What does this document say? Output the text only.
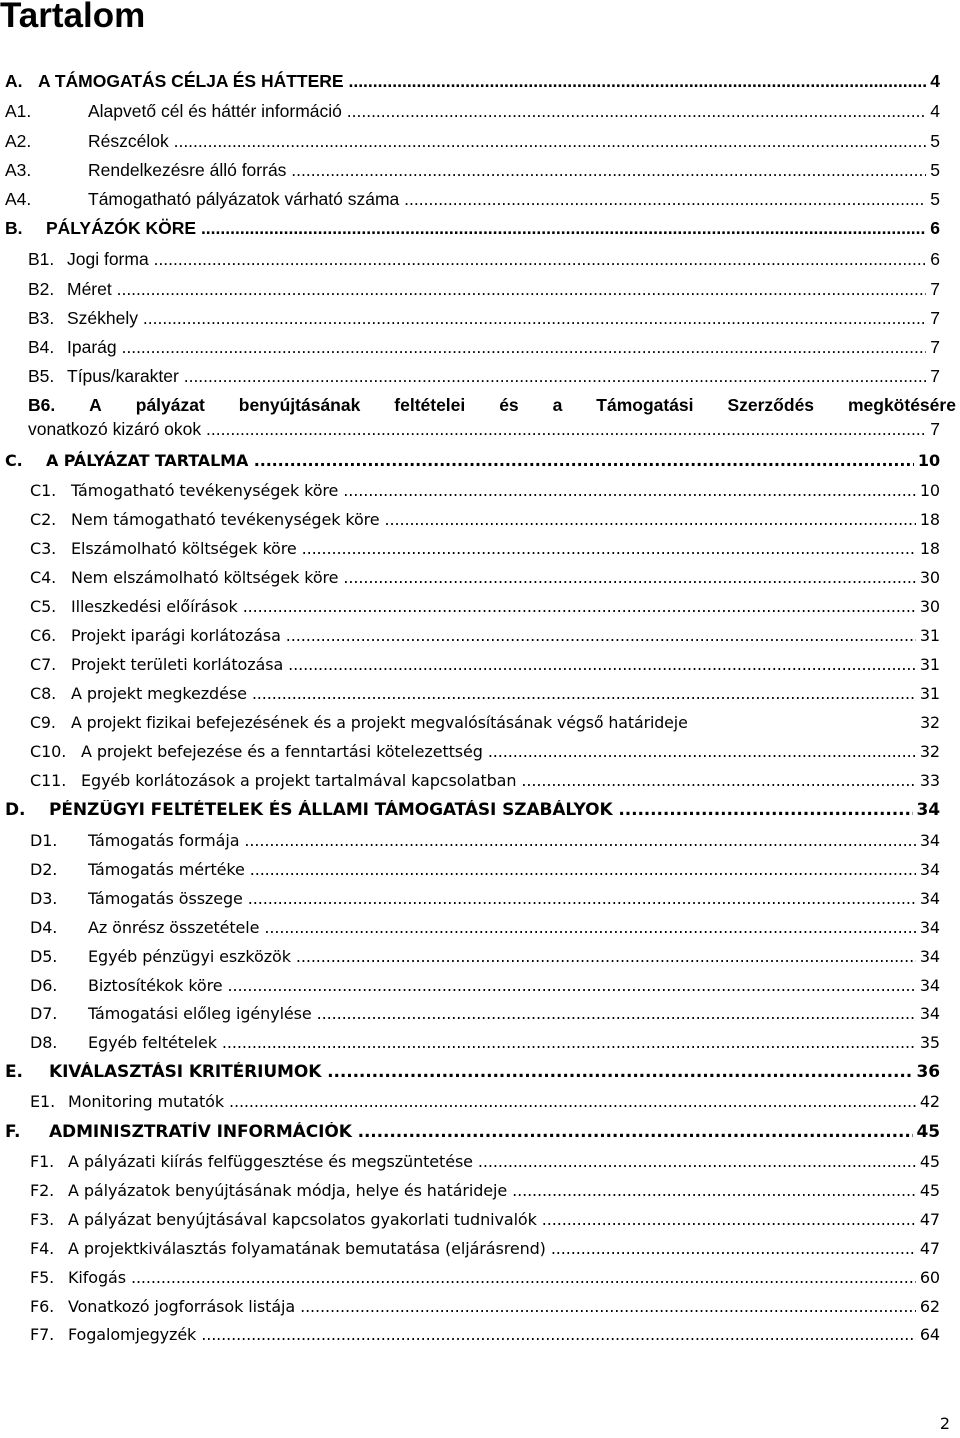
Tartalom
A. A TÁMOGATÁS CÉLJA ÉS HÁTTERE .....	4
A1.	Alapvető cél és háttér információ .....	4
A2.	Részcélok .....	5
A3.	Rendelkezésre álló forrás .....	5
A4.	Támogatható pályázatok várható száma .....	5
B. PÁLYÁZÓK KÖRE .....	6
B1. Jogi forma .....	6
B2. Méret .....	7
B3. Székhely .....	7
B4. Iparág .....	7
B5. Típus/karakter .....	7
B6. A pályázat benyújtásának feltételei és a Támogatási Szerződés megkötésére
vonatkozó kizáró okok .....	7
C. A PÁLYÁZAT TARTALMA .....	10
C1. Támogatható tevékenységek köre .....	10
C2. Nem támogatható tevékenységek köre .....	18
C3. Elszámolható költségek köre .....	18
C4. Nem elszámolható költségek köre .....	30
C5. Illeszkedési előírások .....	30
C6. Projekt iparági korlátozása .....	31
C7. Projekt területi korlátozása .....	31
C8. A projekt megkezdése .....	31
C9. A projekt fizikai befejezésének és a projekt megvalósításának végső határideje	32
C10. A projekt befejezése és a fenntartási kötelezettség .....	32
C11. Egyéb korlátozások a projekt tartalmával kapcsolatban .....	33
D. PÉNZÜGYI FELTÉTELEK ÉS ÁLLAMI TÁMOGATÁSI SZABÁLYOK .....	34
D1. Támogatás formája .....	34
D2. Támogatás mértéke .....	34
D3. Támogatás összege .....	34
D4. Az önrész összetétele .....	34
D5. Egyéb pénzügyi eszközök .....	34
D6. Biztosítékok köre .....	34
D7. Támogatási előleg igénylése .....	34
D8. Egyéb feltételek .....	35
E. KIVÁLASZTÁSI KRITÉRIUMOK .....	36
E1. Monitoring mutatók .....	42
F. ADMINISZTRATÍV INFORMÁCIÓK .....	45
F1. A pályázati kiírás felfüggesztése és megszüntetése .....	45
F2. A pályázatok benyújtásának módja, helye és határideje .....	45
F3. A pályázat benyújtásával kapcsolatos gyakorlati tudnivalók .....	47
F4. A projektkiválasztás folyamatának bemutatása (eljárásrend) .....	47
F5. Kifogás .....	60
F6. Vonatkozó jogforrások listája .....	62
F7. Fogalomjegyzék .....	64
2
